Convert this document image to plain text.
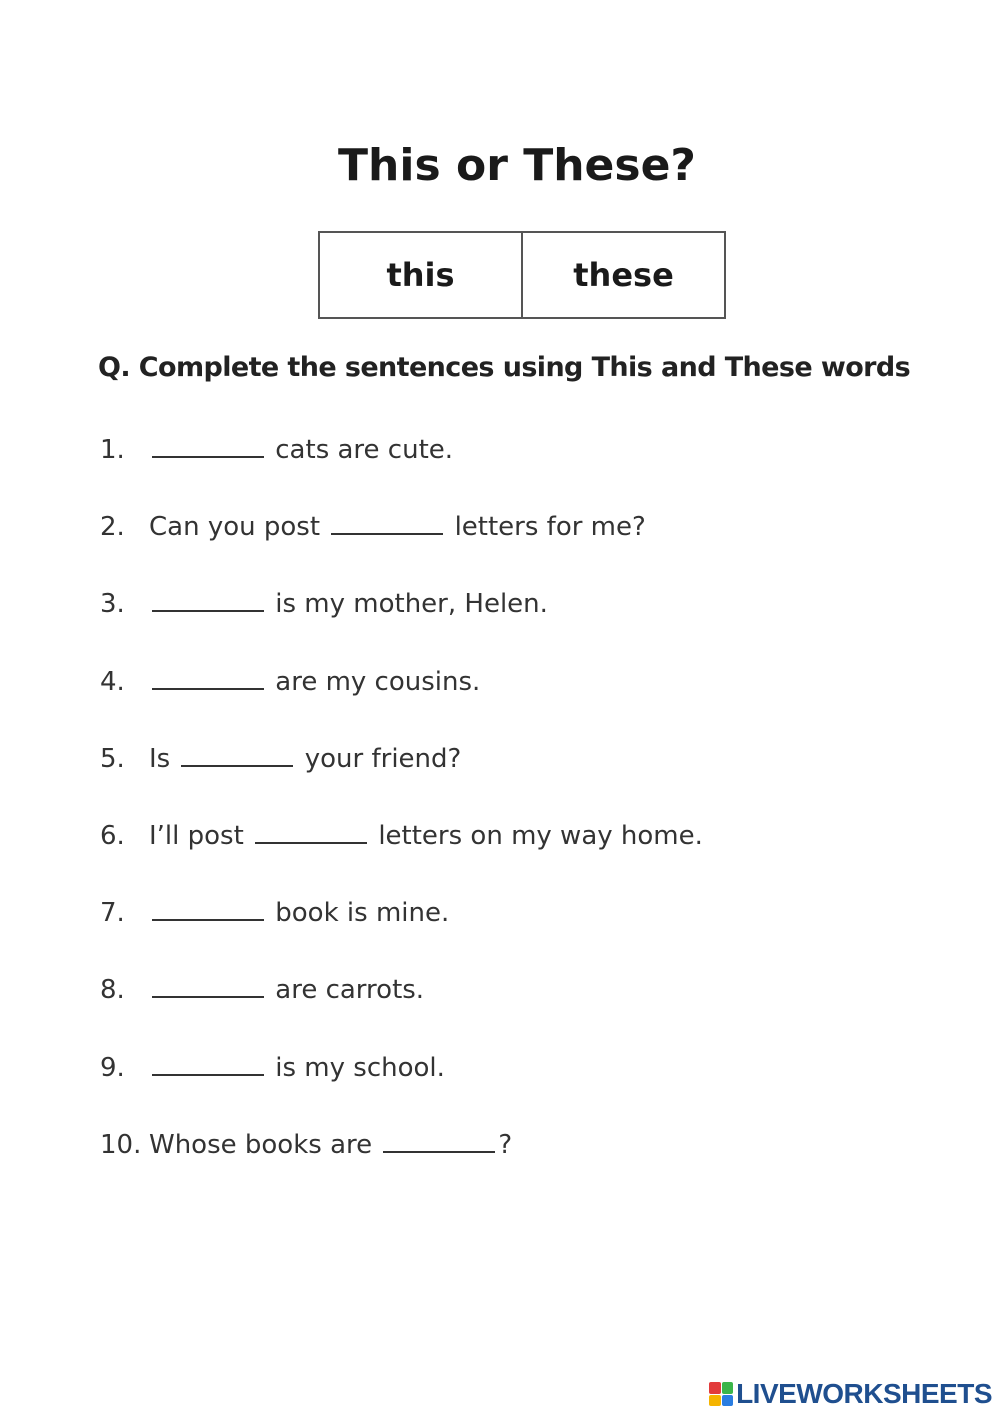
This or These?
this	these
Q. Complete the sentences using This and These words
1.	cats are cute.
2. Can you post	letters for me?
3.	is my mother, Helen.
4.	are my cousins.
5. Is	your friend?
6. I’ll post	letters on my way home.
7.	book is mine.
8.	are carrots.
9.	is my school.
10. Whose books are	?
LIVEWORKSHEETS
